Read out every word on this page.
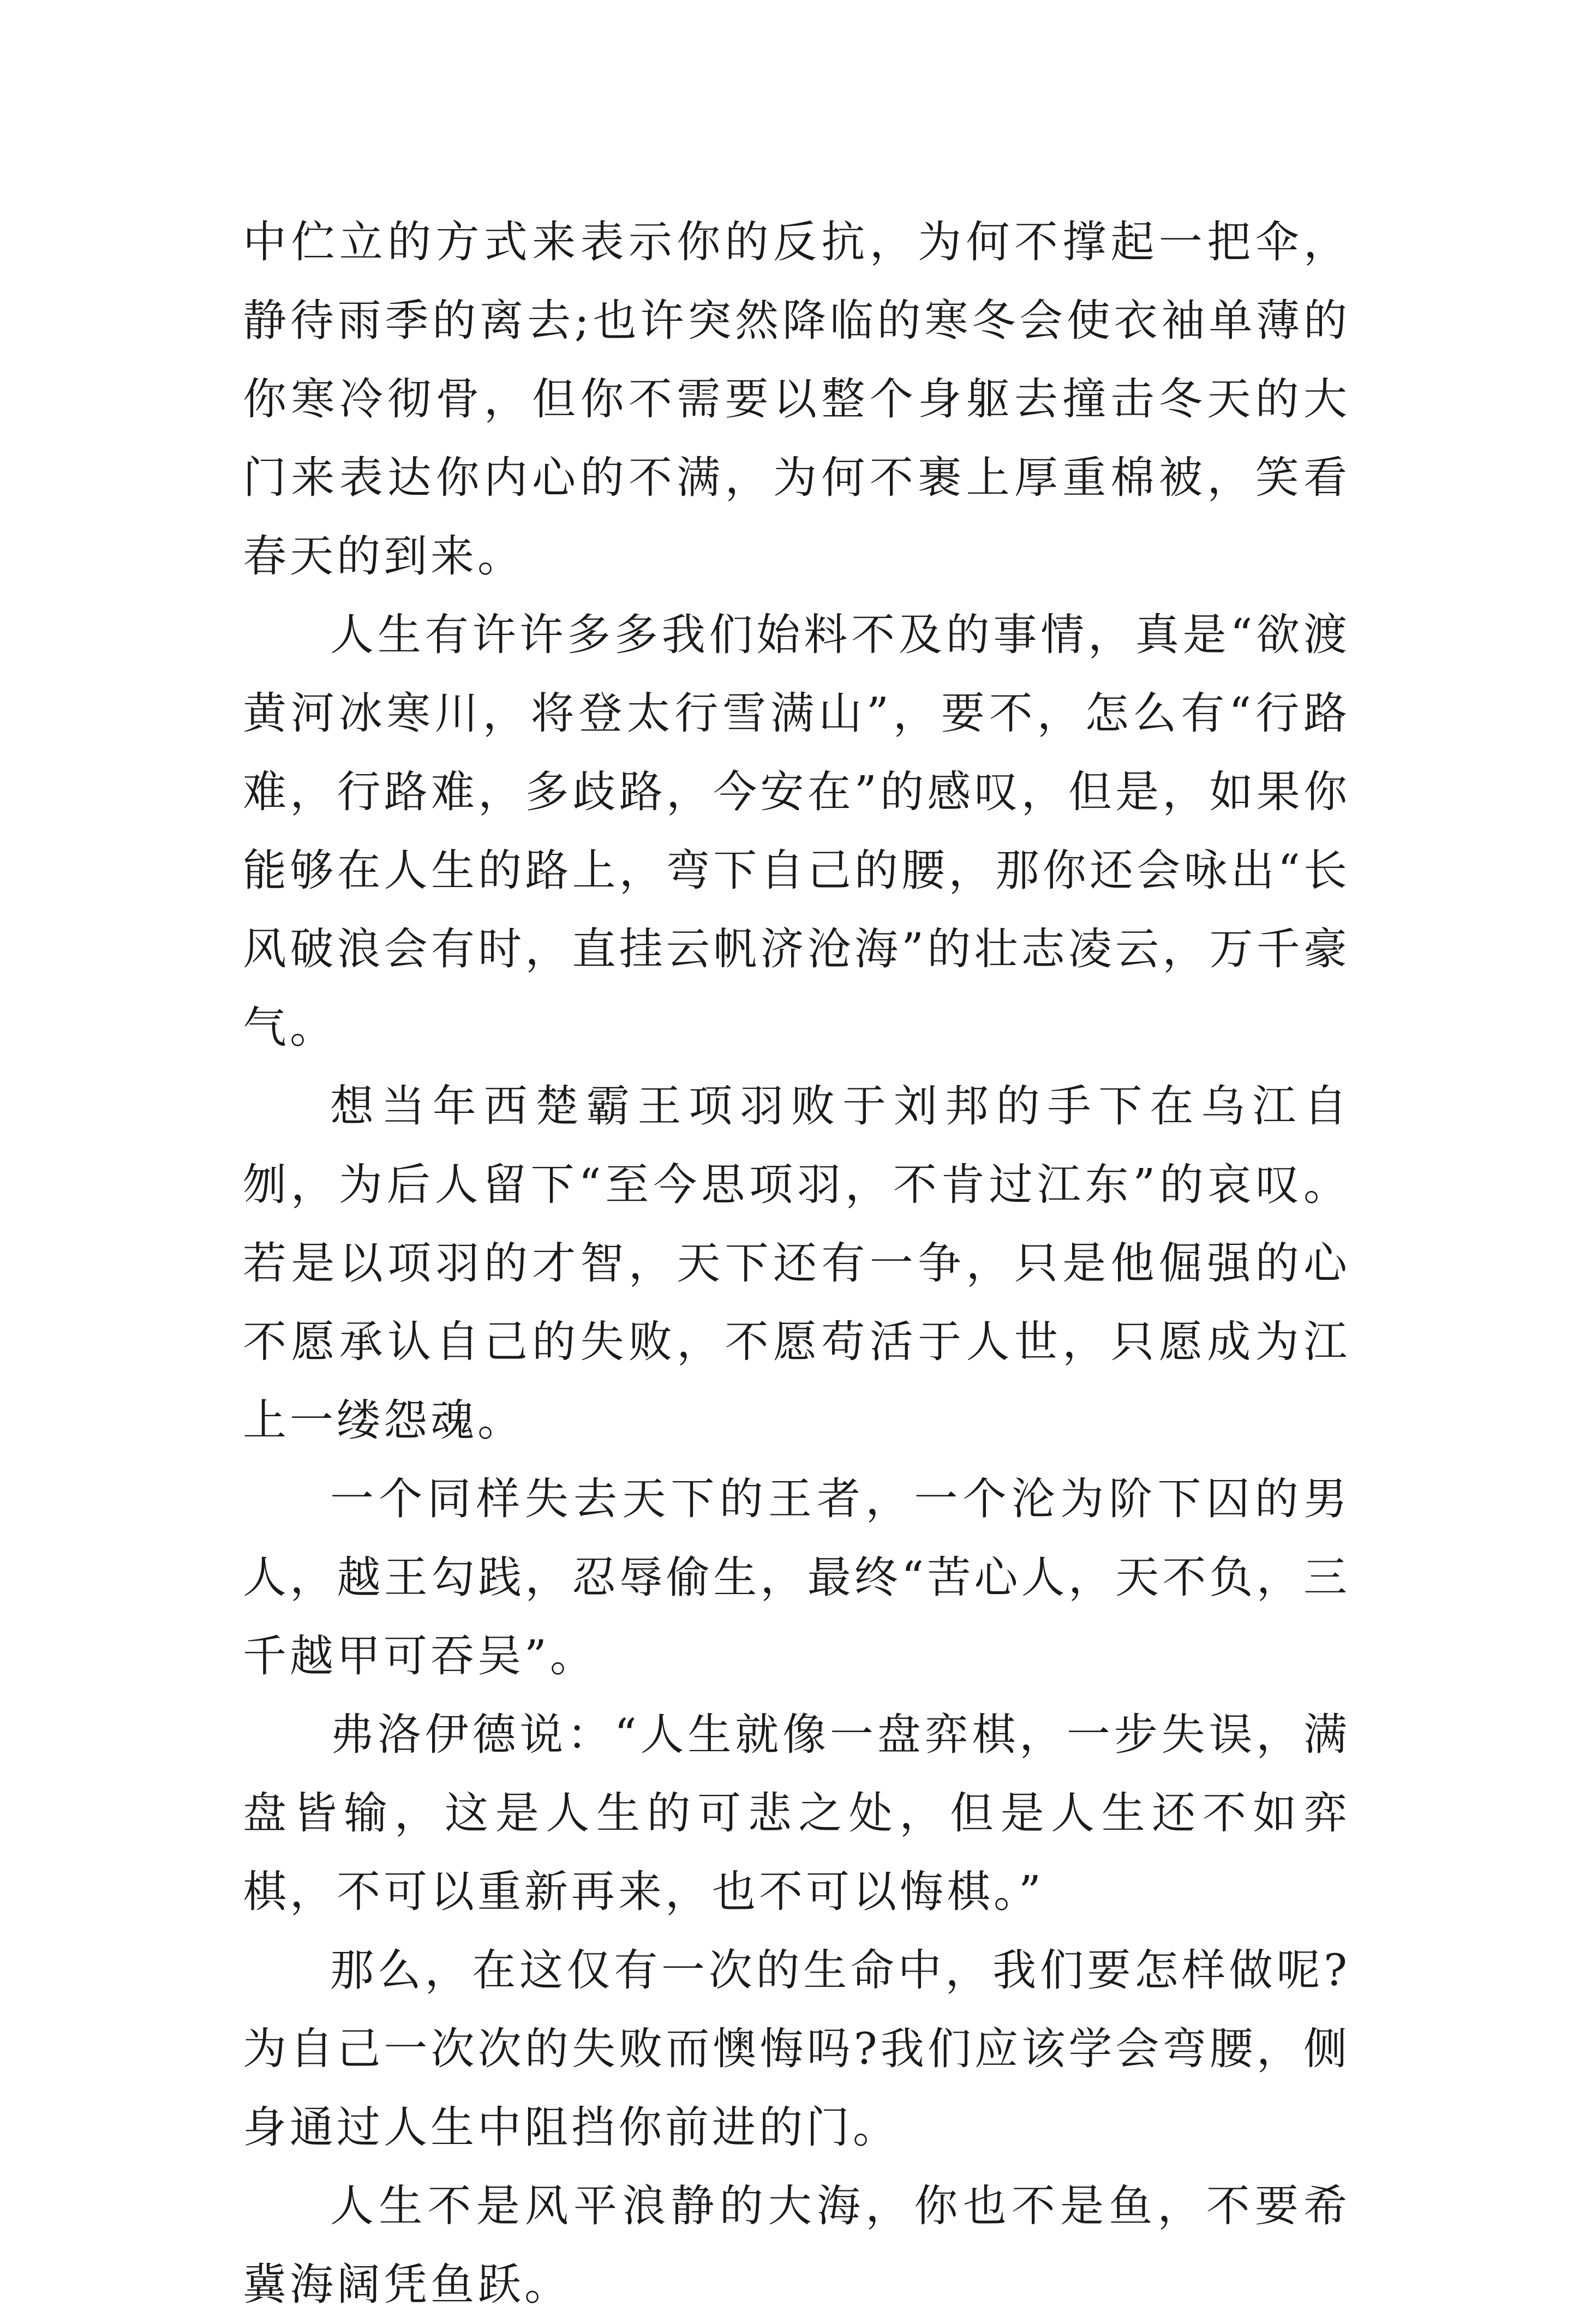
中伫立的方式来表示你的反抗，为何不撑起一把伞，静待雨季的离去;也许突然降临的寒冬会使衣袖单薄的你寒冷彻骨，但你不需要以整个身躯去撞击冬天的大门来表达你内心的不满，为何不裹上厚重棉被，笑看春天的到来。

人生有许许多多我们始料不及的事情，真是“欲渡黄河冰寒川，将登太行雪满山”，要不，怎么有“行路难，行路难，多歧路，今安在”的感叹，但是，如果你能够在人生的路上，弯下自己的腰，那你还会咏出“长风破浪会有时，直挂云帆济沧海”的壮志凌云，万千豪气。

想当年西楚霸王项羽败于刘邦的手下在乌江自刎，为后人留下“至今思项羽，不肯过江东”的哀叹。若是以项羽的才智，天下还有一争，只是他倔强的心不愿承认自己的失败，不愿苟活于人世，只愿成为江上一缕怨魂。

一个同样失去天下的王者，一个沦为阶下囚的男人，越王勾践，忍辱偷生，最终“苦心人，天不负，三千越甲可吞吴”。

弗洛伊德说：“人生就像一盘弈棋，一步失误，满盘皆输，这是人生的可悲之处，但是人生还不如弈棋，不可以重新再来，也不可以悔棋。”

那么，在这仅有一次的生命中，我们要怎样做呢?为自己一次次的失败而懊悔吗?我们应该学会弯腰，侧身通过人生中阻挡你前进的门。

人生不是风平浪静的大海，你也不是鱼，不要希冀海阔凭鱼跃。
